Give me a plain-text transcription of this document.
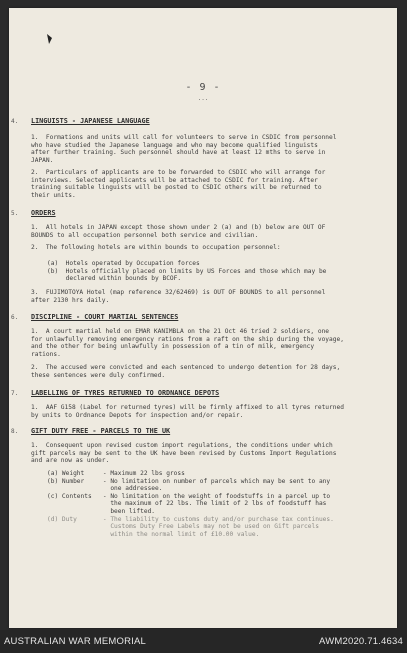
- 9 -
...
4. LINGUISTS - JAPANESE LANGUAGE

1.  Formations and units will call for volunteers to serve in CSDIC from personnel

who have studied the Japanese language and who may become qualified linguists

after further training. Such personnel should have at least 12 mths to serve in

JAPAN.

2.  Particulars of applicants are to be forwarded to CSDIC who will arrange for

interviews. Selected applicants will be attached to CSDIC for training. After

training suitable linguists will be posted to CSDIC others will be returned to

their units.

5. ORDERS

1.  All hotels in JAPAN except those shown under 2 (a) and (b) below are OUT OF

BOUNDS to all occupation personnel both service and civilian.

2.  The following hotels are within bounds to occupation personnel:

(a)  Hotels operated by Occupation forces

(b)  Hotels officially placed on limits by US Forces and those which may be

declared within bounds by BCOF.

3.  FUJIMOTOYA Hotel (map reference 32/62469) is OUT OF BOUNDS to all personnel

after 2130 hrs daily.

6. DISCIPLINE - COURT MARTIAL SENTENCES

1.  A court martial held on EMAR KANIMBLA on the 21 Oct 46 tried 2 soldiers, one

for unlawfully removing emergency rations from a raft on the ship during the voyage,

and the other for being unlawfully in possession of a tin of milk, emergency

rations.

2.  The accused were convicted and each sentenced to undergo detention for 28 days,

these sentences were duly confirmed.

7. LABELLING OF TYRES RETURNED TO ORDNANCE DEPOTS

1.  AAF G158 (Label for returned tyres) will be firmly affixed to all tyres returned

by units to Ordnance Depots for inspection and/or repair.

8. GIFT DUTY FREE - PARCELS TO THE UK

1.  Consequent upon revised custom import regulations, the conditions under which

gift parcels may be sent to the UK have been revised by Customs Import Regulations

and are now as under.

(a) Weight     - Maximum 22 lbs gross

(b) Number     - No limitation on number of parcels which may be sent to any

one addressee.

(c) Contents   - No limitation on the weight of foodstuffs in a parcel up to

the maximum of 22 lbs. The limit of 2 lbs of foodstuff has

been lifted.

(d) Duty       - The liability to customs duty and/or purchase tax continues.

Customs Duty Free Labels may not be used on Gift parcels

within the normal limit of £10.00 value.

AUSTRALIAN WAR MEMORIAL	AWM2020.71.4634
